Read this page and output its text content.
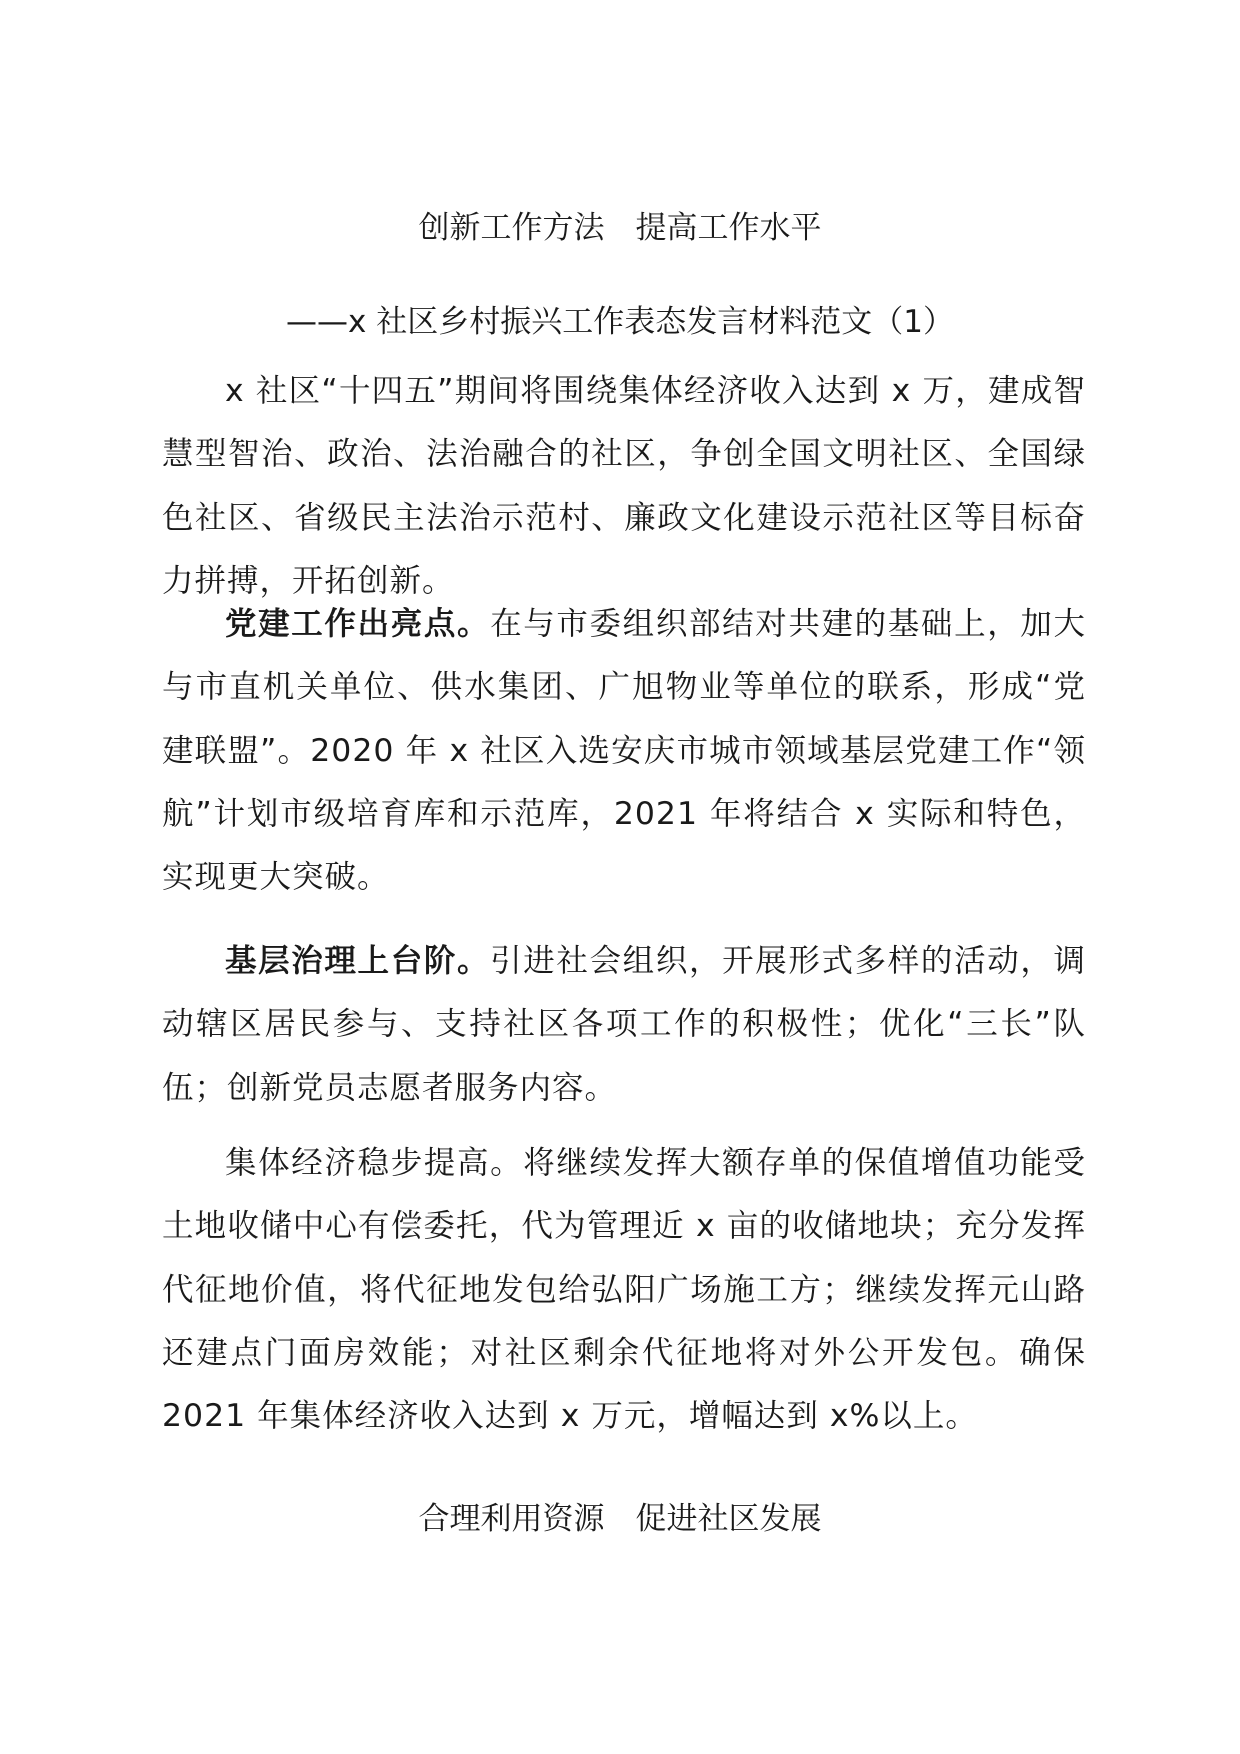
创新工作方法　提高工作水平
——x 社区乡村振兴工作表态发言材料范文（1）
x 社区“十四五”期间将围绕集体经济收入达到 x 万，建成智慧型智治、政治、法治融合的社区，争创全国文明社区、全国绿色社区、省级民主法治示范村、廉政文化建设示范社区等目标奋力拼搏，开拓创新。
党建工作出亮点。在与市委组织部结对共建的基础上，加大与市直机关单位、供水集团、广旭物业等单位的联系，形成“党建联盟”。2020 年 x 社区入选安庆市城市领域基层党建工作“领航”计划市级培育库和示范库，2021 年将结合 x 实际和特色，实现更大突破。
基层治理上台阶。引进社会组织，开展形式多样的活动，调动辖区居民参与、支持社区各项工作的积极性；优化“三长”队伍；创新党员志愿者服务内容。
集体经济稳步提高。将继续发挥大额存单的保值增值功能受土地收储中心有偿委托，代为管理近 x 亩的收储地块；充分发挥代征地价值，将代征地发包给弘阳广场施工方；继续发挥元山路还建点门面房效能；对社区剩余代征地将对外公开发包。确保 2021 年集体经济收入达到 x 万元，增幅达到 x%以上。
合理利用资源　促进社区发展
